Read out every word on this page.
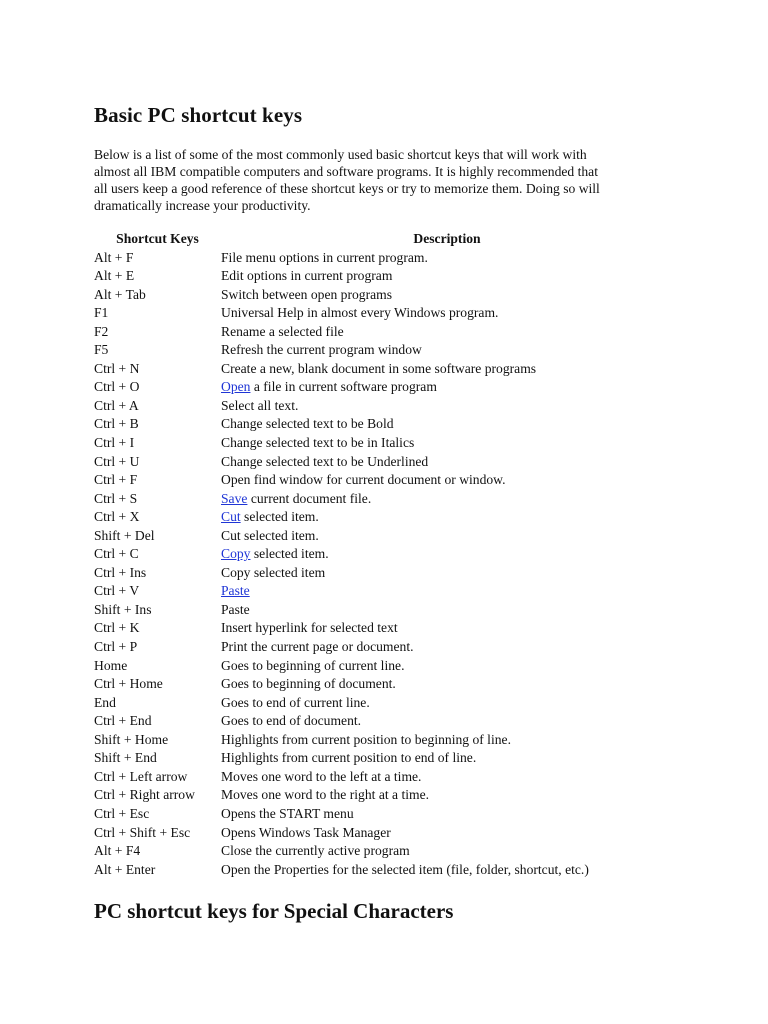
Basic PC shortcut keys

Below is a list of some of the most commonly used basic shortcut keys that will work with
almost all IBM compatible computers and software programs. It is highly recommended that
all users keep a good reference of these shortcut keys or try to memorize them. Doing so will
dramatically increase your productivity.

Shortcut Keys	Description
Alt + F	File menu options in current program.
Alt + E	Edit options in current program
Alt + Tab	Switch between open programs
F1	Universal Help in almost every Windows program.
F2	Rename a selected file
F5	Refresh the current program window
Ctrl + N	Create a new, blank document in some software programs
Ctrl + O	Open a file in current software program
Ctrl + A	Select all text.
Ctrl + B	Change selected text to be Bold
Ctrl + I	Change selected text to be in Italics
Ctrl + U	Change selected text to be Underlined
Ctrl + F	Open find window for current document or window.
Ctrl + S	Save current document file.
Ctrl + X	Cut selected item.
Shift + Del	Cut selected item.
Ctrl + C	Copy selected item.
Ctrl + Ins	Copy selected item
Ctrl + V	Paste
Shift + Ins	Paste
Ctrl + K	Insert hyperlink for selected text
Ctrl + P	Print the current page or document.
Home	Goes to beginning of current line.
Ctrl + Home	Goes to beginning of document.
End	Goes to end of current line.
Ctrl + End	Goes to end of document.
Shift + Home	Highlights from current position to beginning of line.
Shift + End	Highlights from current position to end of line.
Ctrl + Left arrow	Moves one word to the left at a time.
Ctrl + Right arrow	Moves one word to the right at a time.
Ctrl + Esc	Opens the START menu
Ctrl + Shift + Esc	Opens Windows Task Manager
Alt + F4	Close the currently active program
Alt + Enter	Open the Properties for the selected item (file, folder, shortcut, etc.)
PC shortcut keys for Special Characters
